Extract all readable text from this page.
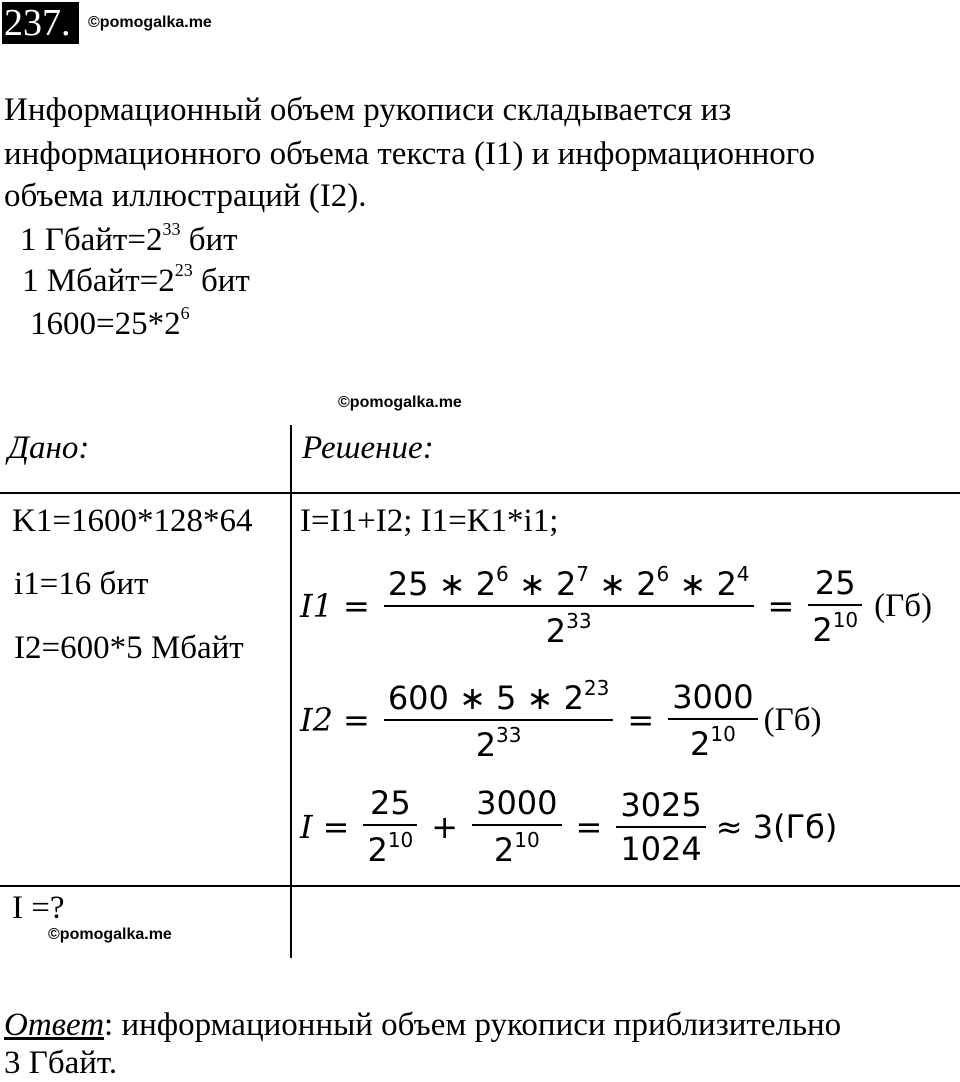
237.	©pomogalka.me
Информационный объем рукописи складывается из
информационного объема текста (I1) и информационного
объема иллюстраций (I2).
1 $Гбайт=2^{33}$ бит
1 $Мбайт=2^{23}$ бит
$1600=25*2^6$
©pomogalka.me
Дано:	Решение:
K1=1600*128*64
i1=16 бит
I2=600*5 Мбайт
I =?
©pomogalka.me
I=I1+I2; I1=K1*i1;
$I1 = \frac{25 ∗ 2^6 ∗ 2^7 ∗ 2^6 ∗ 2^4}{2^{33}} = \frac{25}{2^{10}} (Гб)$
$I2 = \frac{600 ∗ 5 ∗ 2^{23}}{2^{33}} = \frac{3000}{2^{10}} (Гб)$
$I = \frac{25}{2^{10}} + \frac{3000}{2^{10}} = \frac{3025}{1024} \approx 3(Гб)$
Ответ: информационный объем рукописи приблизительно
3 Гбайт.
